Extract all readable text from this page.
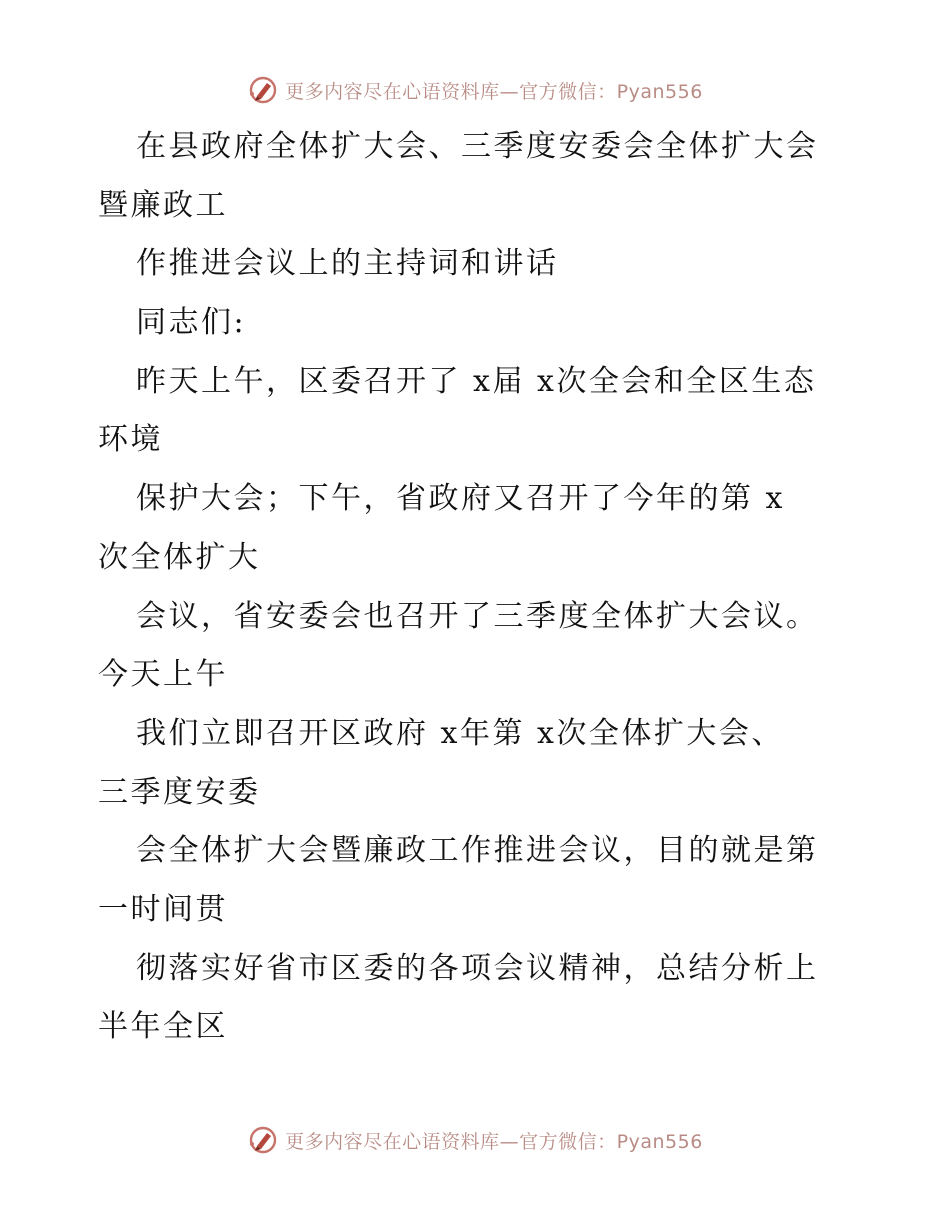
更多内容尽在心语资料库—官方微信：Pyan556
在县政府全体扩大会、三季度安委会全体扩大会
暨廉政工
作推进会议上的主持词和讲话
同志们:
昨天上午，区委召开了 x届 x次全会和全区生态
环境
保护大会；下午，省政府又召开了今年的第 x
次全体扩大
会议，省安委会也召开了三季度全体扩大会议。
今天上午
我们立即召开区政府 x年第 x次全体扩大会、
三季度安委
会全体扩大会暨廉政工作推进会议，目的就是第
一时间贯
彻落实好省市区委的各项会议精神，总结分析上
半年全区
更多内容尽在心语资料库—官方微信：Pyan556
